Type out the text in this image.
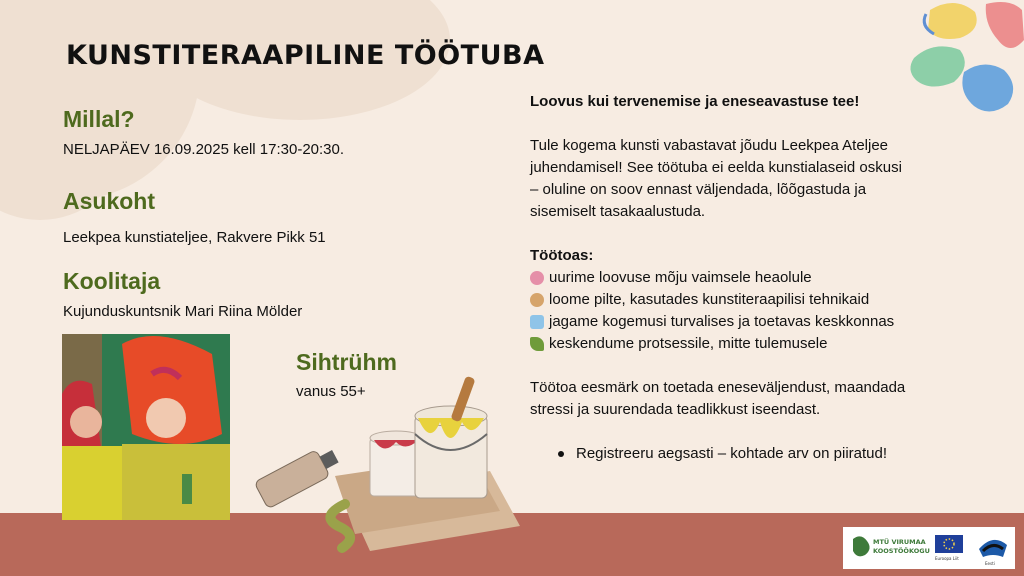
KUNSTITERAAPILINE TÖÖTUBA
Millal?
NELJAPÄEV 16.09.2025 kell 17:30-20:30.
Asukoht
Leekpea kunstiateljee, Rakvere Pikk 51
Koolitaja
Kujunduskuntsnik Mari Riina Mölder
Sihtrühm
vanus 55+

Loovus kui tervenemise ja eneseavastuse tee!

Tule kogema kunsti vabastavat jõudu Leekpea Ateljee

juhendamisel! See töötuba ei eelda kunstialaseid oskusi

– oluline on soov ennast väljendada, lõõgastuda ja

sisemiselt tasakaalustuda.

Töötoas:

uurime loovuse mõju vaimsele heaolule
loome pilte, kasutades kunstiteraapilisi tehnikaid
jagame kogemusi turvalises ja toetavas keskkonnas
keskendume protsessile, mitte tulemusele

Töötoa eesmärk on toetada eneseväljendust, maandada

stressi ja suurendada teadlikkust iseendast.

Registreeru aegsasti – kohtade arv on piiratud!
MTÜ VIRUMAA
KOOSTÖÖKOGU
Euroopa Liit
Eesti
